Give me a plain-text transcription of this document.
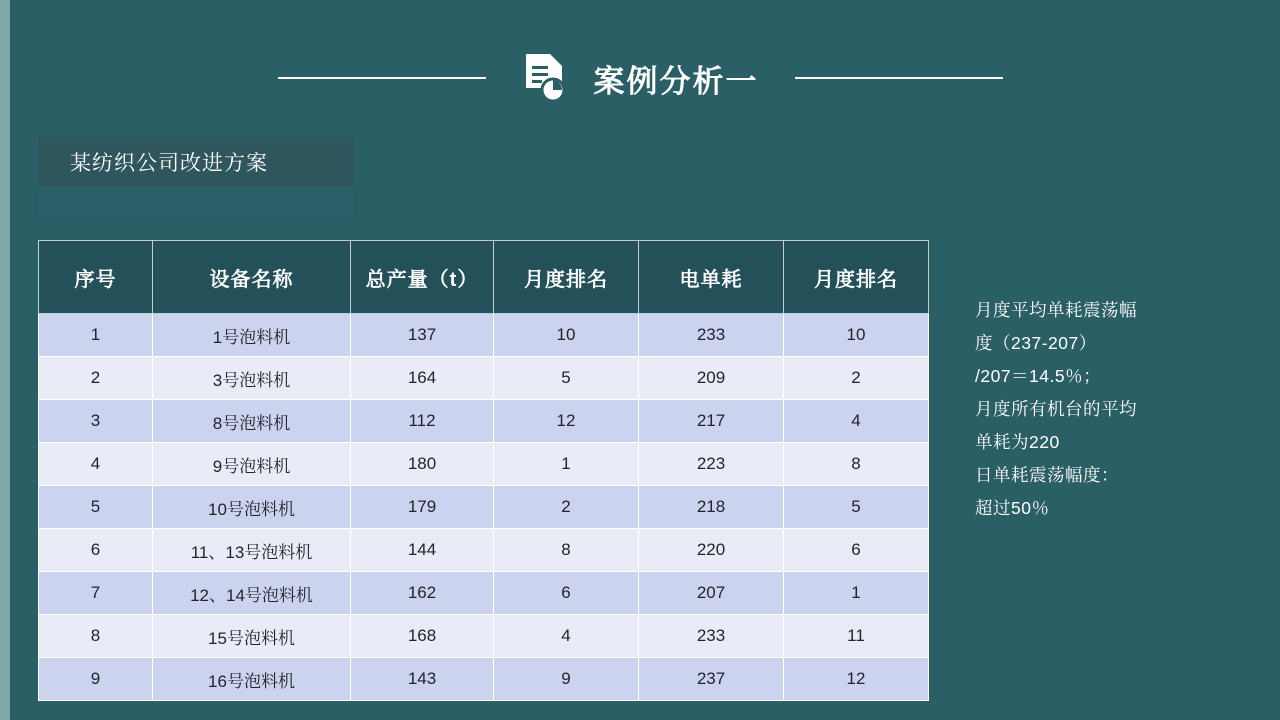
案例分析一
某纺织公司改进方案
序号	设备名称	总产量（t）	月度排名	电单耗	月度排名
1	1号泡料机	137	10	233	10
2	3号泡料机	164	5	209	2
3	8号泡料机	112	12	217	4
4	9号泡料机	180	1	223	8
5	10号泡料机	179	2	218	5
6	11、13号泡料机	144	8	220	6
7	12、14号泡料机	162	6	207	1
8	15号泡料机	168	4	233	11
9	16号泡料机	143	9	237	12

月度平均单耗震荡幅

度（237-207）

/207＝14.5％；

月度所有机台的平均

单耗为220

日单耗震荡幅度：

超过50％
